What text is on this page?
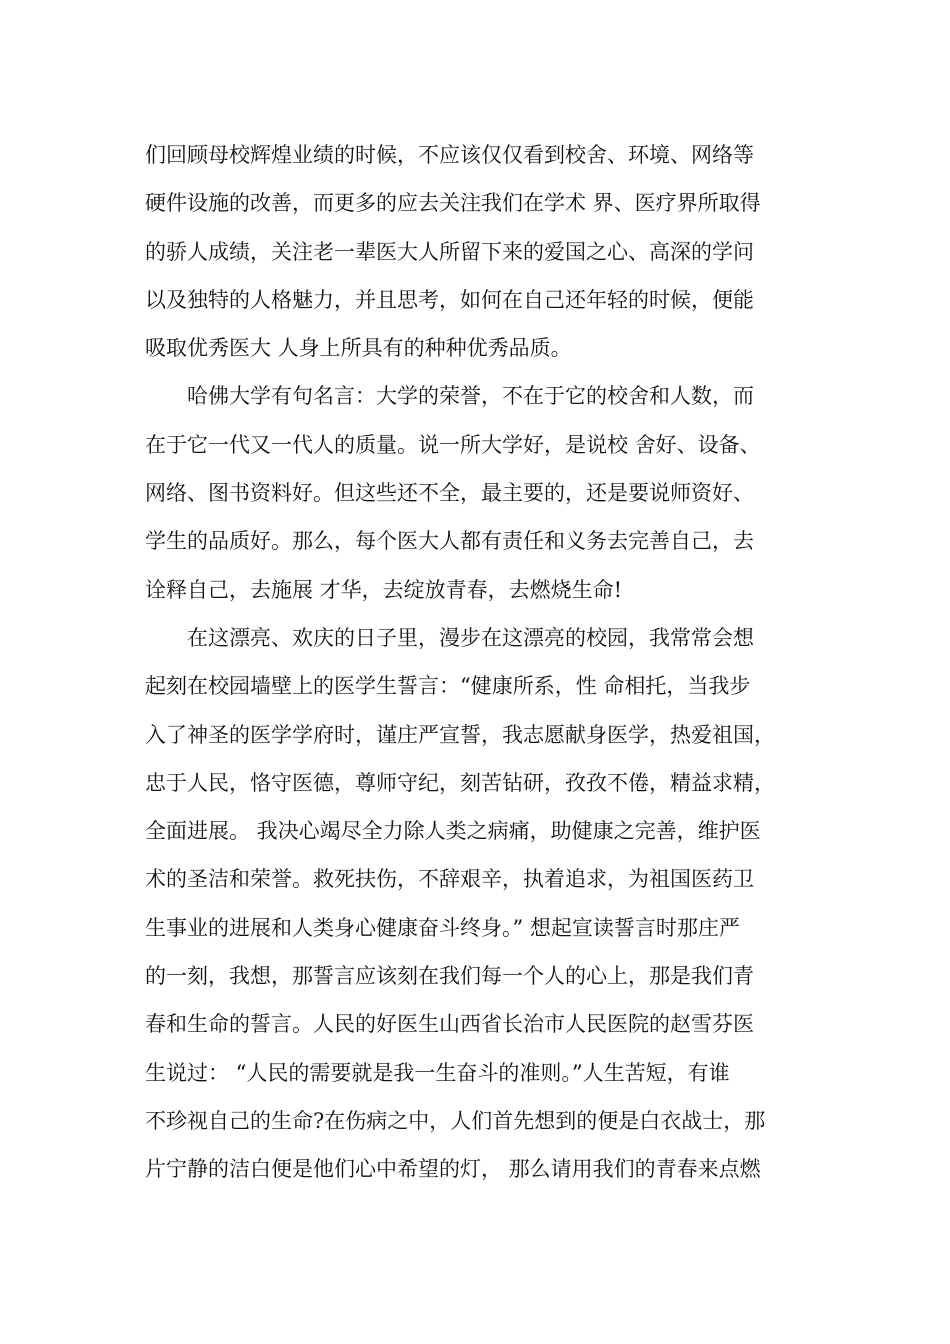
们回顾母校辉煌业绩的时候，不应该仅仅看到校舍、环境、网络等
硬件设施的改善，而更多的应去关注我们在学术 界、医疗界所取得
的骄人成绩，关注老一辈医大人所留下来的爱国之心、高深的学问
以及独特的人格魅力，并且思考，如何在自己还年轻的时候，便能
吸取优秀医大 人身上所具有的种种优秀品质。
哈佛大学有句名言：大学的荣誉，不在于它的校舍和人数，而
在于它一代又一代人的质量。说一所大学好，是说校 舍好、设备、
网络、图书资料好。但这些还不全，最主要的，还是要说师资好、
学生的品质好。那么，每个医大人都有责任和义务去完善自己，去
诠释自己，去施展 才华，去绽放青春，去燃烧生命!
在这漂亮、欢庆的日子里，漫步在这漂亮的校园，我常常会想
起刻在校园墙壁上的医学生誓言：“健康所系，性 命相托，当我步
入了神圣的医学学府时，谨庄严宣誓，我志愿献身医学，热爱祖国，
忠于人民，恪守医德，尊师守纪，刻苦钻研，孜孜不倦，精益求精，
全面进展。 我决心竭尽全力除人类之病痛，助健康之完善，维护医
术的圣洁和荣誉。救死扶伤，不辞艰辛，执着追求，为祖国医药卫
生事业的进展和人类身心健康奋斗终身。” 想起宣读誓言时那庄严
的一刻，我想，那誓言应该刻在我们每一个人的心上，那是我们青
春和生命的誓言。人民的好医生山西省长治市人民医院的赵雪芬医
生说过： “人民的需要就是我一生奋斗的准则。”人生苦短，有谁
不珍视自己的生命?在伤病之中，人们首先想到的便是白衣战士，那
片宁静的洁白便是他们心中希望的灯， 那么请用我们的青春来点燃
